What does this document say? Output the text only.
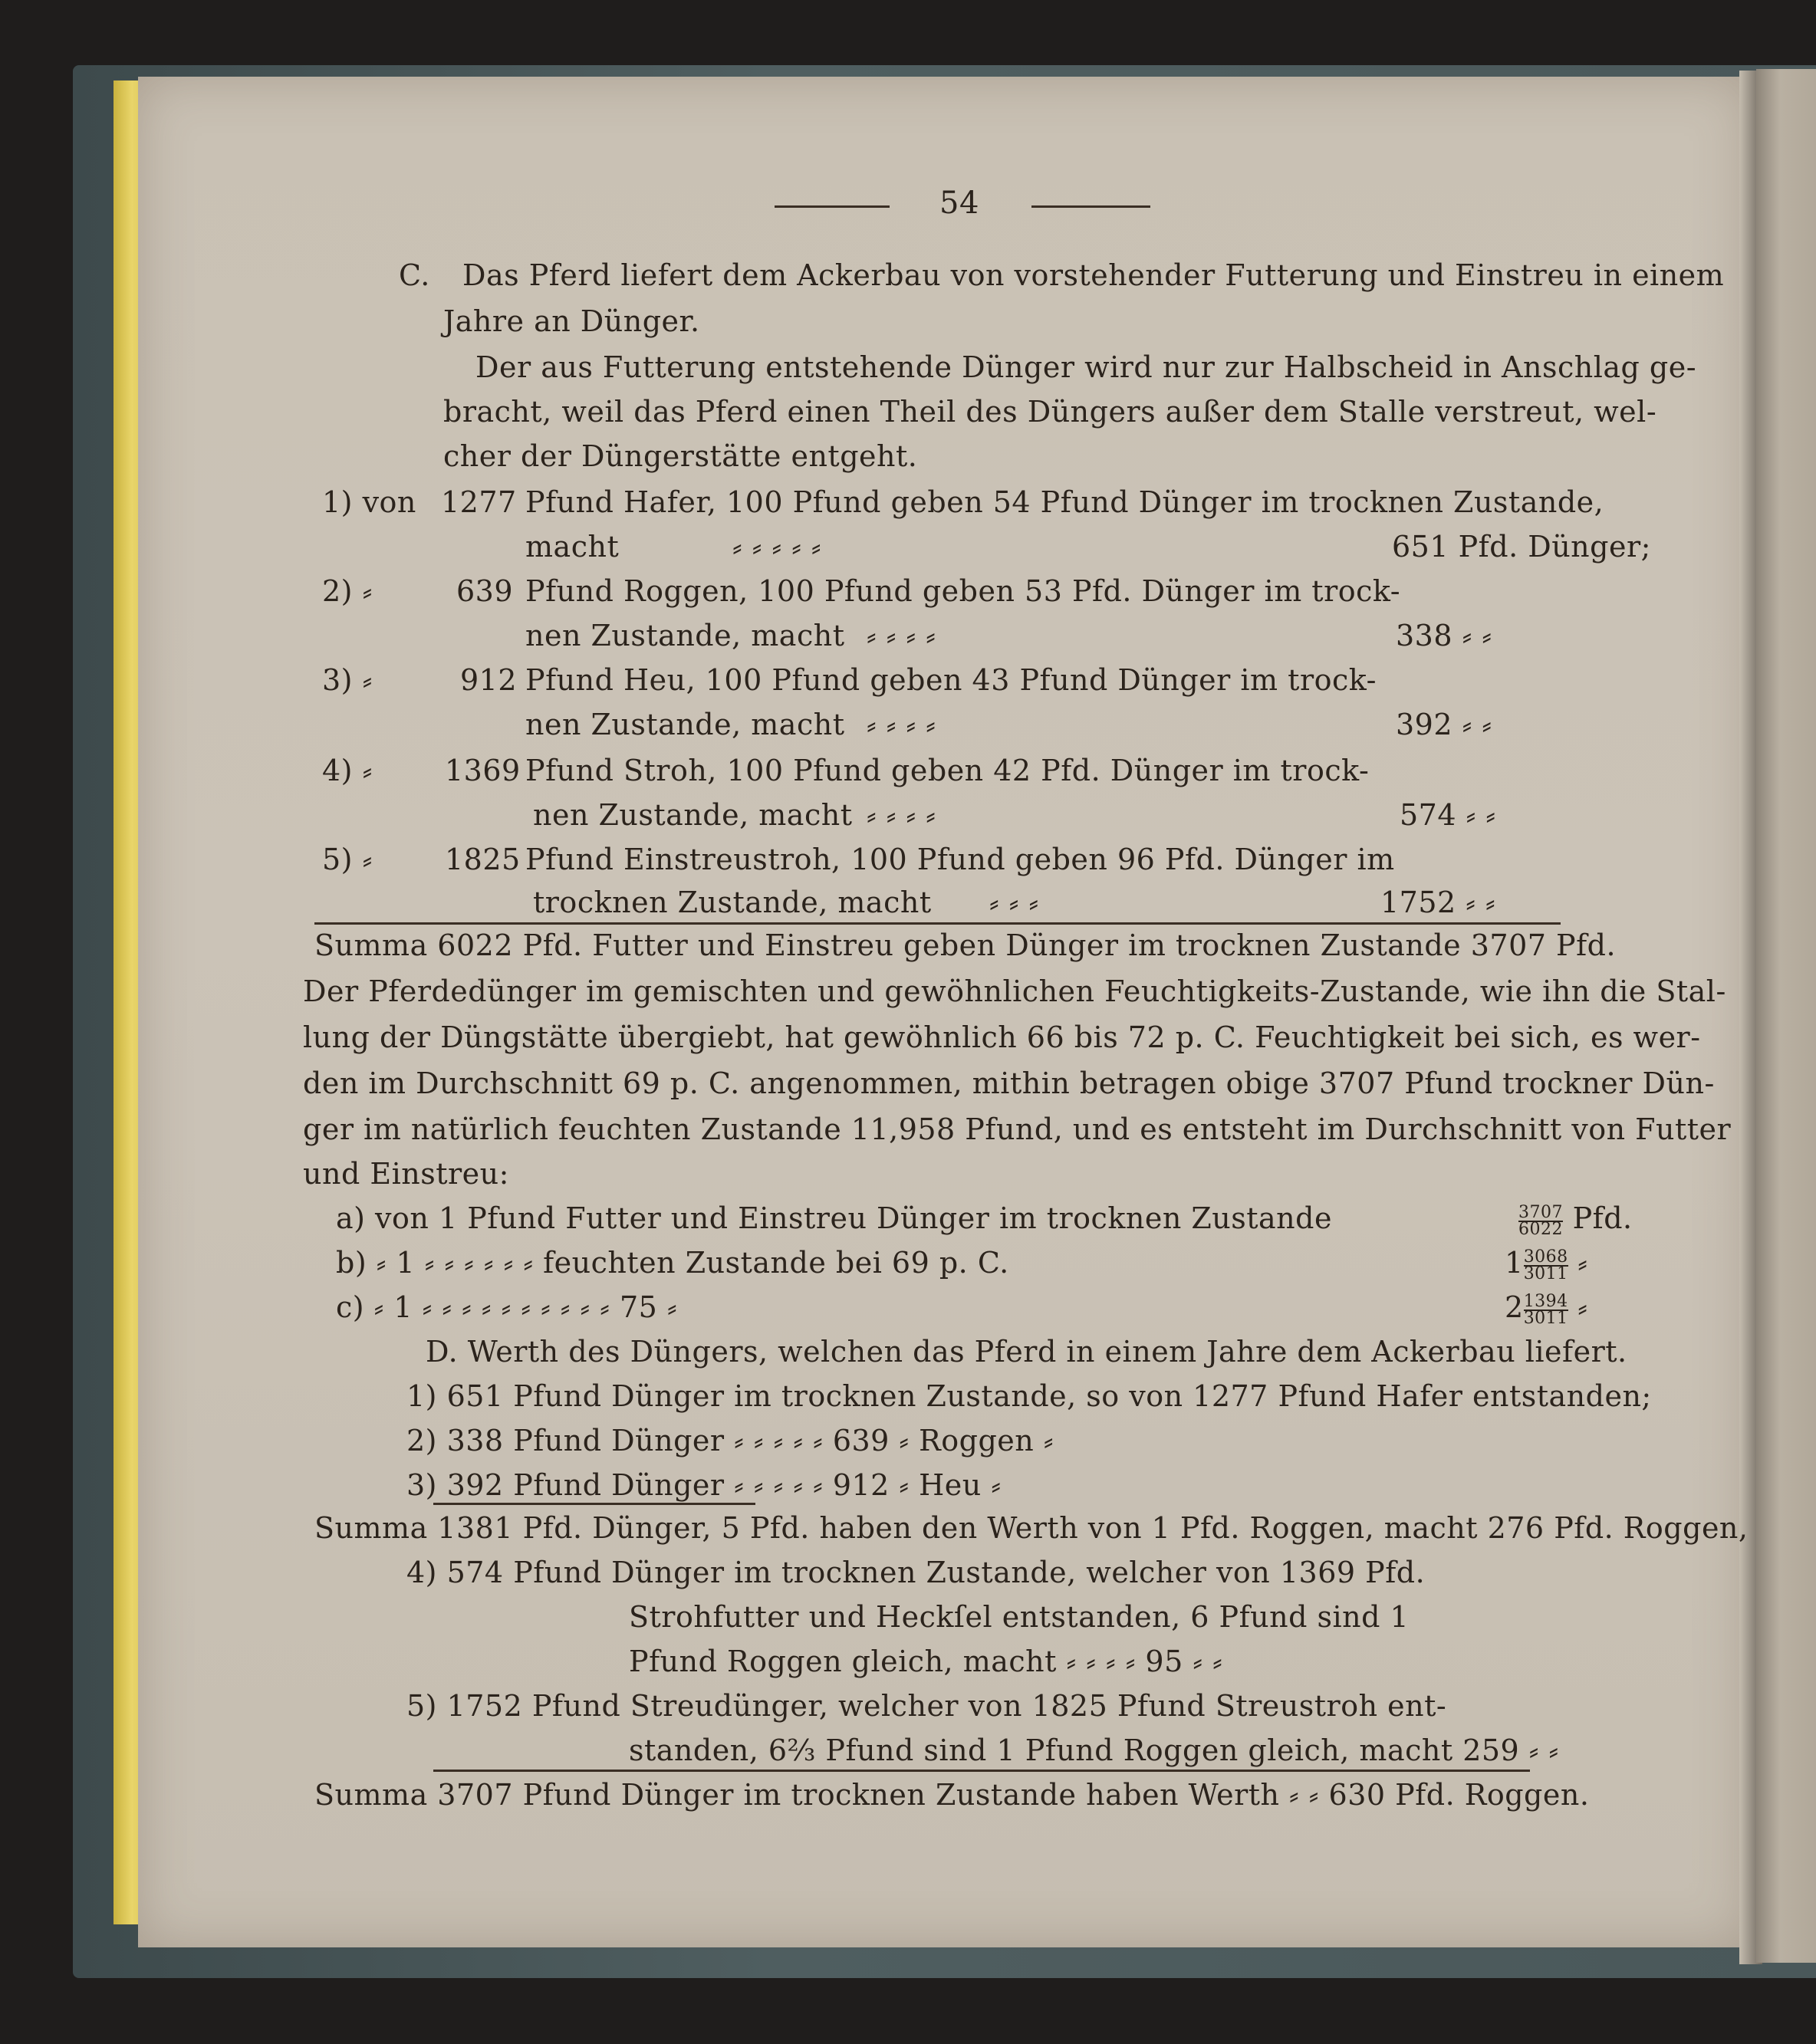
54
C. Das Pferd liefert dem Ackerbau von vorstehender Futterung und Einstreu in einem
Jahre an Dünger.
Der aus Futterung entstehende Dünger wird nur zur Halbscheid in Anschlag ge-
bracht, weil das Pferd einen Theil des Düngers außer dem Stalle verstreut, wel-
cher der Düngerstätte entgeht.
1) von 1277 Pfund Hafer, 100 Pfund geben 54 Pfund Dünger im trocknen Zustande,
macht	⸗ ⸗ ⸗ ⸗ ⸗	651 Pfd. Dünger;
2) ⸗	639 Pfund Roggen, 100 Pfund geben 53 Pfd. Dünger im trock-
nen Zustande, macht ⸗ ⸗ ⸗ ⸗	338 ⸗ ⸗
3) ⸗	912 Pfund Heu, 100 Pfund geben 43 Pfund Dünger im trock-
nen Zustande, macht ⸗ ⸗ ⸗ ⸗	392 ⸗ ⸗
4) ⸗ 1369 Pfund Stroh, 100 Pfund geben 42 Pfd. Dünger im trock-
nen Zustande, macht ⸗ ⸗ ⸗ ⸗	574 ⸗ ⸗
5) ⸗ 1825 Pfund Einstreustroh, 100 Pfund geben 96 Pfd. Dünger im
trocknen Zustande, macht ⸗ ⸗ ⸗	1752 ⸗ ⸗
Summa 6022 Pfd. Futter und Einstreu geben Dünger im trocknen Zustande 3707 Pfd.
Der Pferdedünger im gemischten und gewöhnlichen Feuchtigkeits-Zustande, wie ihn die Stal-
lung der Düngstätte übergiebt, hat gewöhnlich 66 bis 72 p. C. Feuchtigkeit bei sich, es wer-
den im Durchschnitt 69 p. C. angenommen, mithin betragen obige 3707 Pfund trockner Dün-
ger im natürlich feuchten Zustande 11,958 Pfund, und es entsteht im Durchschnitt von Futter
und Einstreu:
a) von 1 Pfund Futter und Einstreu Dünger im trocknen Zustande	$\frac{3707}{6022}$ Pfd.
b) ⸗ 1 ⸗ ⸗ ⸗ ⸗ ⸗ ⸗ feuchten Zustande bei 69 p. C.	$1 \frac{3068}{3011}$ ⸗
c) ⸗ 1 ⸗ ⸗ ⸗ ⸗ ⸗ ⸗ ⸗ ⸗ ⸗ ⸗ 75 ⸗	$2 \frac{1394}{3011}$ ⸗
D. Werth des Düngers, welchen das Pferd in einem Jahre dem Ackerbau liefert.
1) 651 Pfund Dünger im trocknen Zustande, so von 1277 Pfund Hafer entstanden;
2) 338 Pfund Dünger ⸗ ⸗ ⸗ ⸗ ⸗ 639 ⸗ Roggen ⸗
3) 392 Pfund Dünger ⸗ ⸗ ⸗ ⸗ ⸗ 912 ⸗ Heu ⸗
Summa 1381 Pfd. Dünger, 5 Pfd. haben den Werth von 1 Pfd. Roggen, macht 276 Pfd. Roggen,
4) 574 Pfund Dünger im trocknen Zustande, welcher von 1369 Pfd.
Strohfutter und Heckſel entstanden, 6 Pfund sind 1
Pfund Roggen gleich, macht ⸗ ⸗ ⸗ ⸗ 95 ⸗ ⸗
5) 1752 Pfund Streudünger, welcher von 1825 Pfund Streustroh ent-
standen, 6⅔ Pfund sind 1 Pfund Roggen gleich, macht 259 ⸗ ⸗
Summa 3707 Pfund Dünger im trocknen Zustande haben Werth ⸗ ⸗ 630 Pfd. Roggen.
